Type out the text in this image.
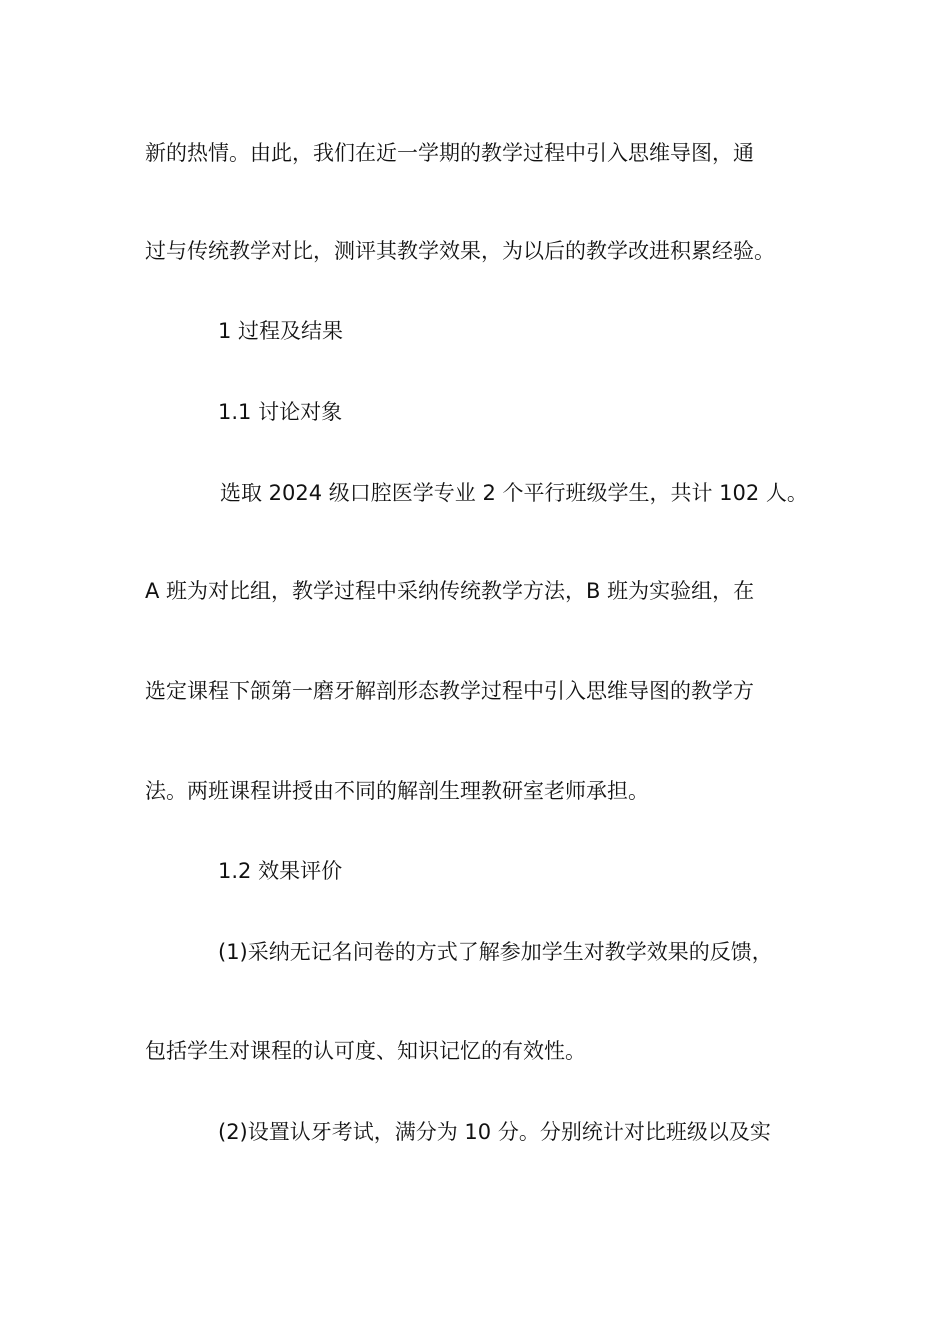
新的热情。由此，我们在近一学期的教学过程中引入思维导图，通
过与传统教学对比，测评其教学效果，为以后的教学改进积累经验。
1 过程及结果
1.1 讨论对象
选取 2024 级口腔医学专业 2 个平行班级学生，共计 102 人。
A 班为对比组，教学过程中采纳传统教学方法，B 班为实验组，在
选定课程下颌第一磨牙解剖形态教学过程中引入思维导图的教学方
法。两班课程讲授由不同的解剖生理教研室老师承担。
1.2 效果评价
(1)采纳无记名问卷的方式了解参加学生对教学效果的反馈，
包括学生对课程的认可度、知识记忆的有效性。
(2)设置认牙考试，满分为 10 分。分别统计对比班级以及实
